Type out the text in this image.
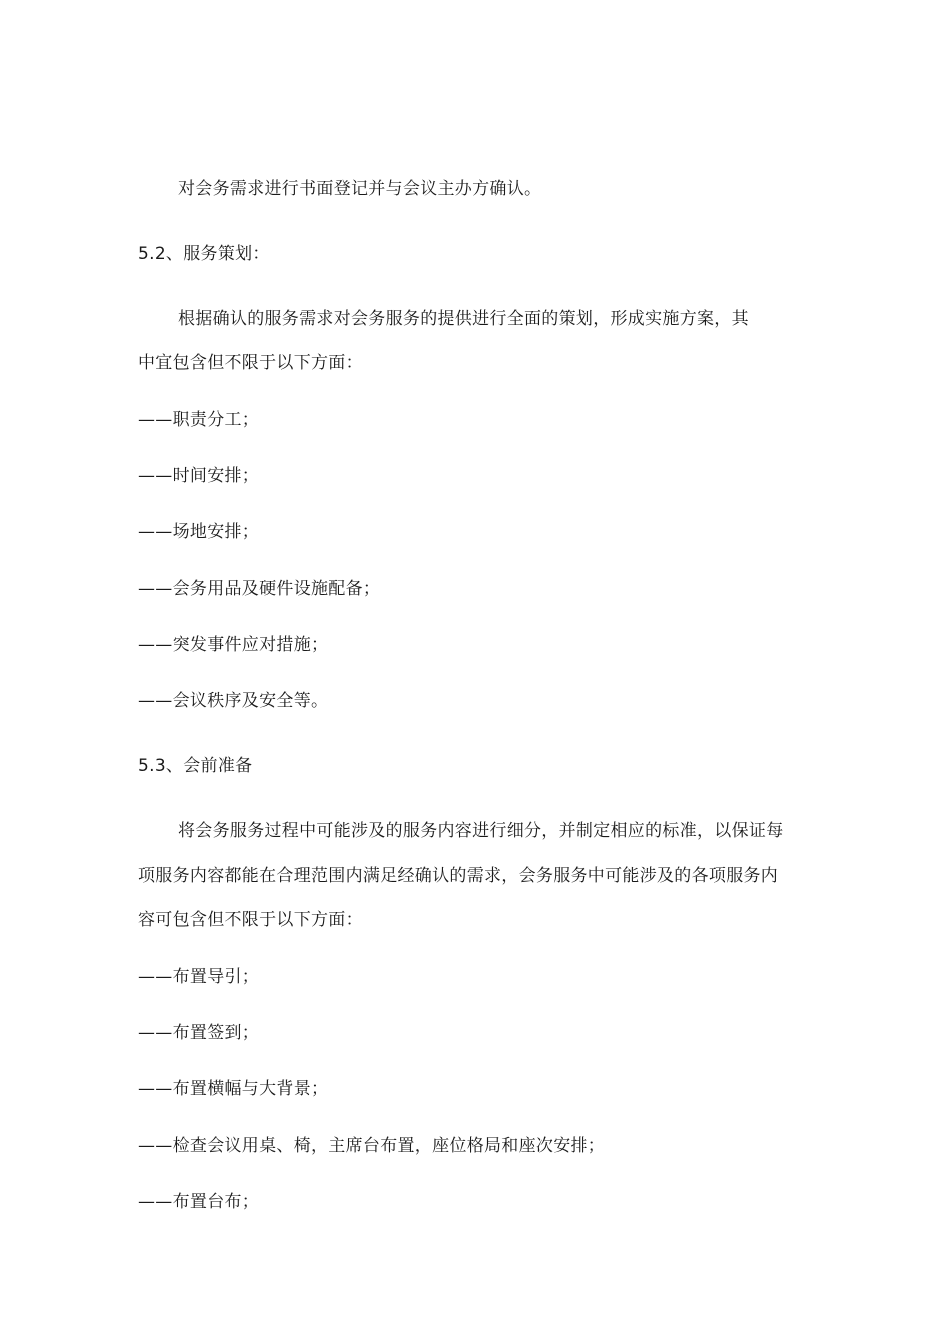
对会务需求进行书面登记并与会议主办方确认。
5.2、服务策划：
根据确认的服务需求对会务服务的提供进行全面的策划，形成实施方案，其
中宜包含但不限于以下方面：
——职责分工；
——时间安排；
——场地安排；
——会务用品及硬件设施配备；
——突发事件应对措施；
——会议秩序及安全等。
5.3、会前准备
将会务服务过程中可能涉及的服务内容进行细分，并制定相应的标准，以保证每
项服务内容都能在合理范围内满足经确认的需求，会务服务中可能涉及的各项服务内
容可包含但不限于以下方面：
——布置导引；
——布置签到；
——布置横幅与大背景；
——检查会议用桌、椅，主席台布置，座位格局和座次安排；
——布置台布；
